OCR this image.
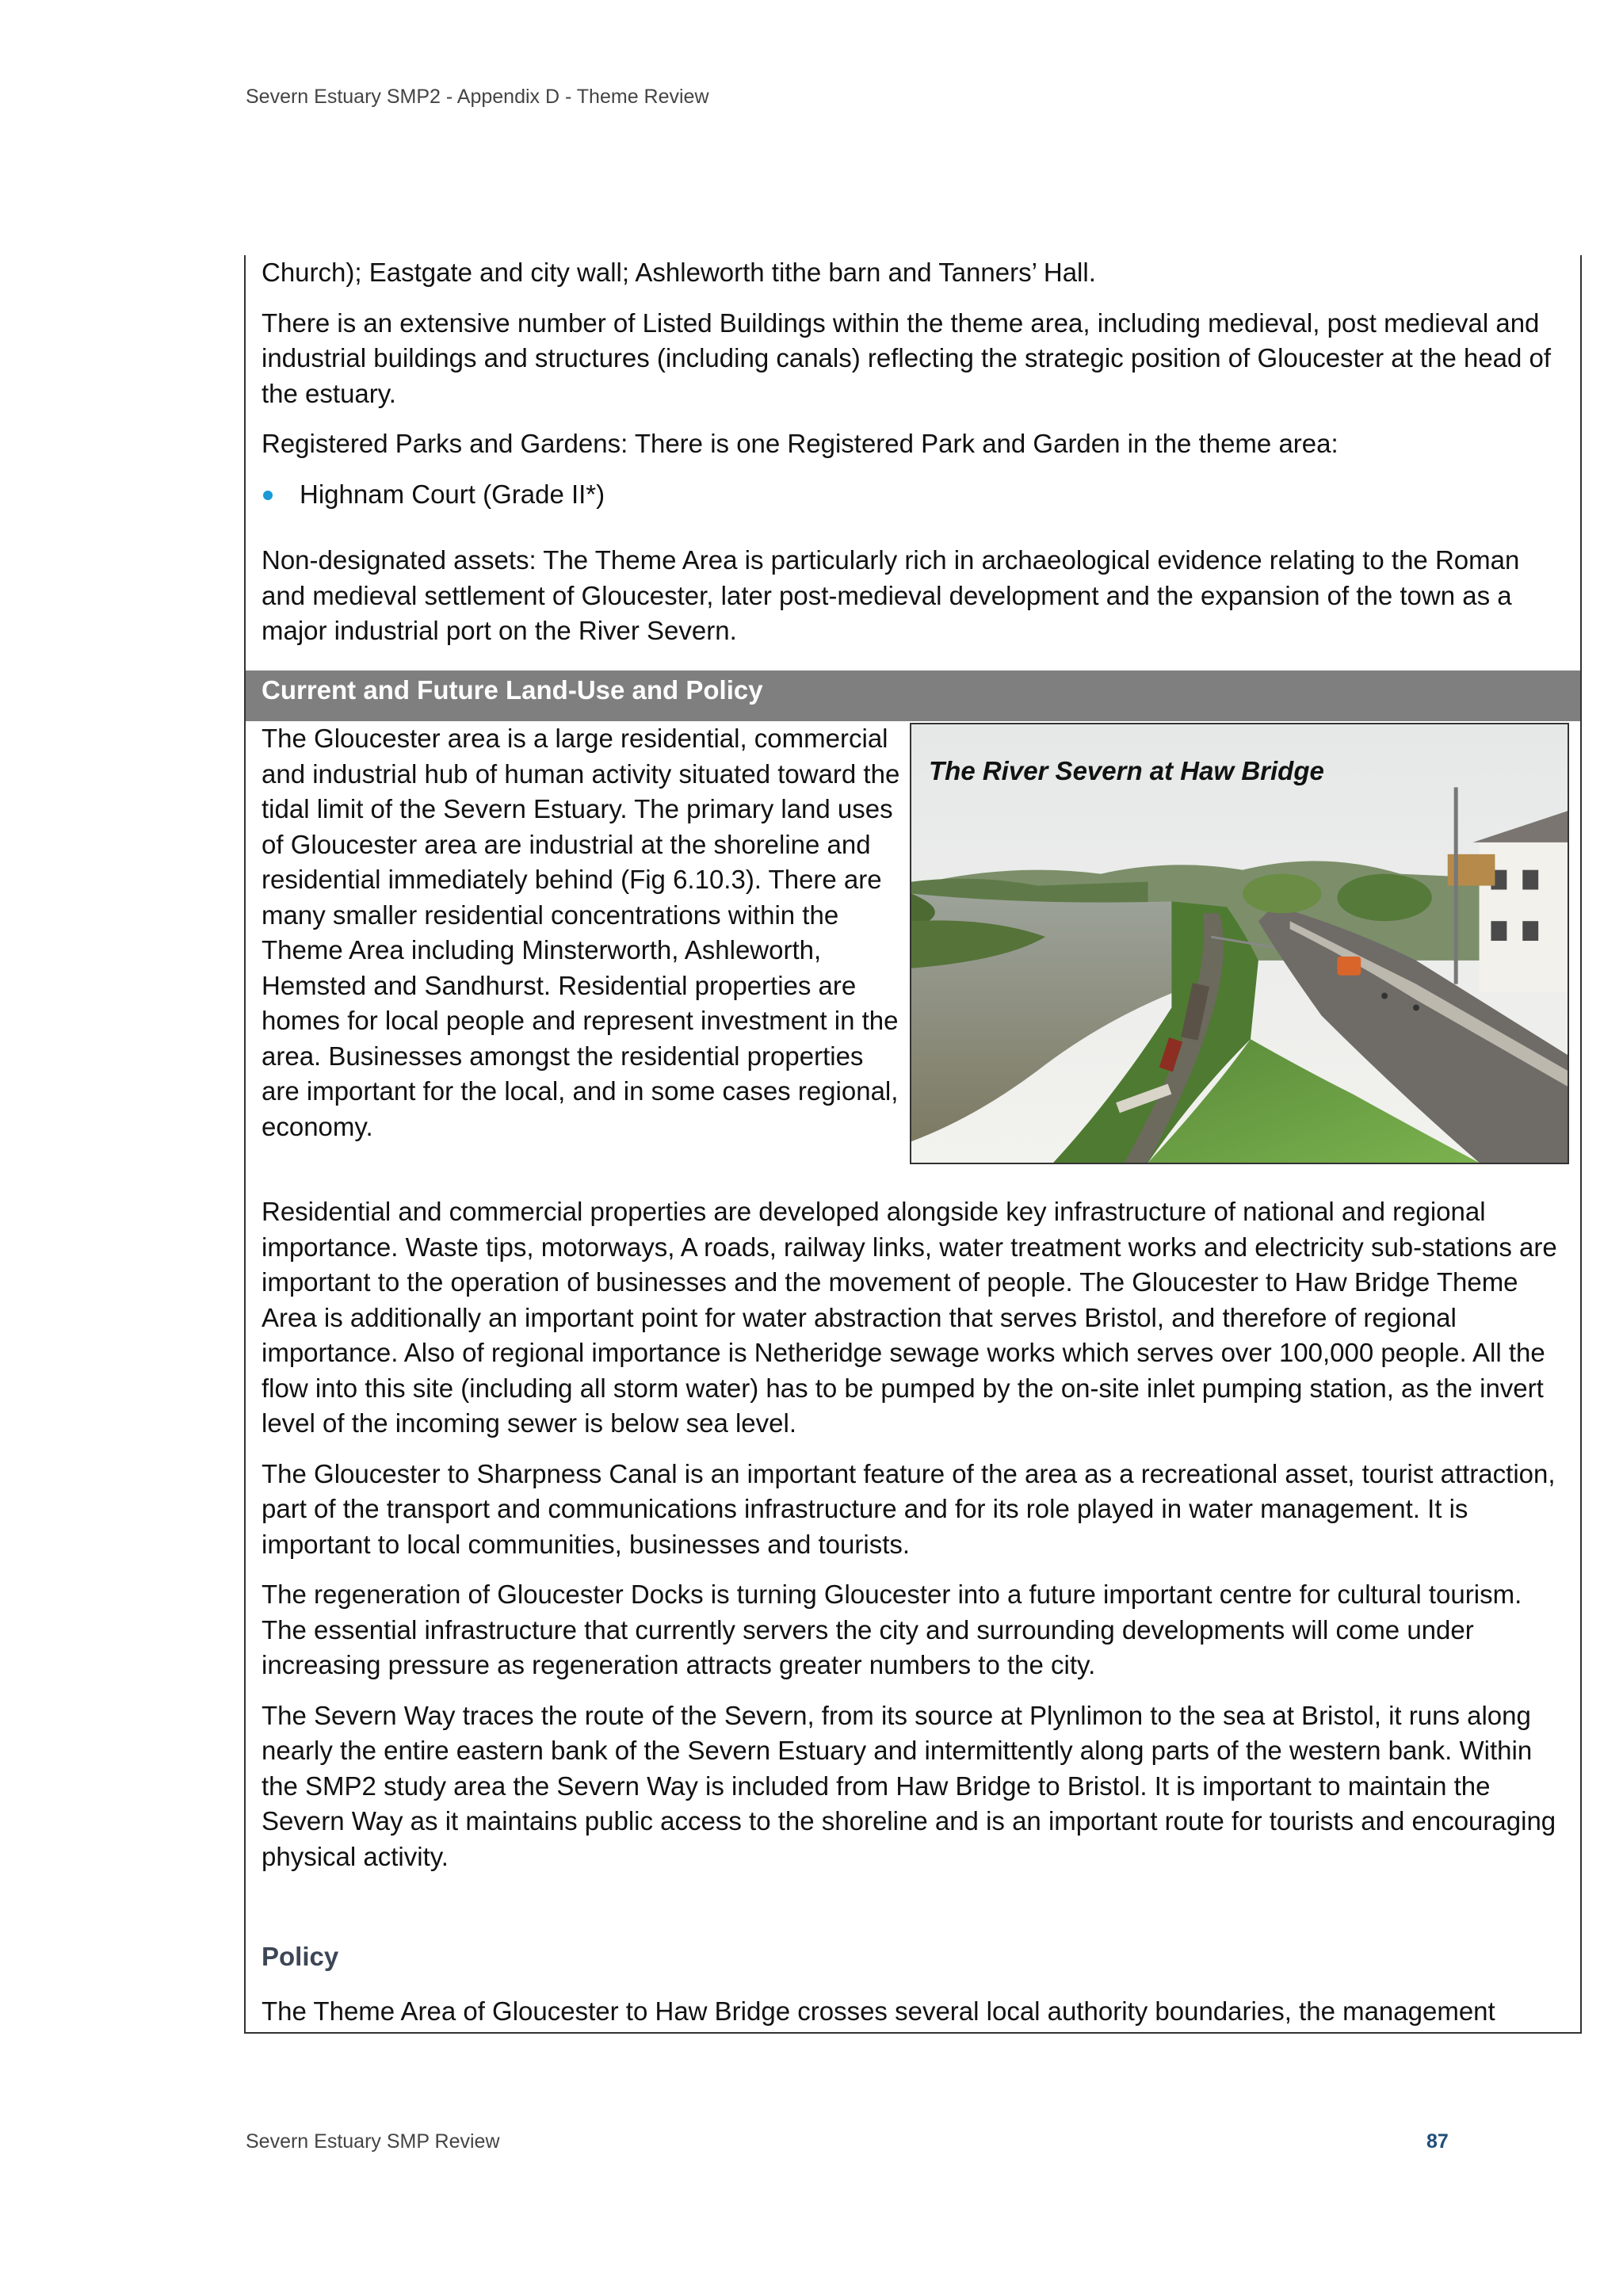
Severn Estuary SMP2 - Appendix D - Theme Review

Church); Eastgate and city wall; Ashleworth tithe barn and Tanners’ Hall.

There is an extensive number of Listed Buildings within the theme area, including medieval, post medieval and industrial buildings and structures (including canals) reflecting the strategic position of Gloucester at the head of the estuary.

Registered Parks and Gardens: There is one Registered Park and Garden in the theme area:

Highnam Court (Grade II*)

Non-designated assets: The Theme Area is particularly rich in archaeological evidence relating to the Roman and medieval settlement of Gloucester, later post-medieval development and the expansion of the town as a major industrial port on the River Severn.

Current and Future Land-Use and Policy

The Gloucester area is a large residential, commercial and industrial hub of human activity situated toward the tidal limit of the Severn Estuary. The primary land uses of Gloucester area are industrial at the shoreline and residential immediately behind (Fig 6.10.3). There are many smaller residential concentrations within the Theme Area including Minsterworth, Ashleworth, Hemsted and Sandhurst. Residential properties are homes for local people and represent investment in the area. Businesses amongst the residential properties are important for the local, and in some cases regional, economy.

The River Severn at Haw Bridge

Residential and commercial properties are developed alongside key infrastructure of national and regional importance. Waste tips, motorways, A roads, railway links, water treatment works and electricity sub-stations are important to the operation of businesses and the movement of people. The Gloucester to Haw Bridge Theme Area is additionally an important point for water abstraction that serves Bristol, and therefore of regional importance. Also of regional importance is Netheridge sewage works which serves over 100,000 people. All the flow into this site (including all storm water) has to be pumped by the on-site inlet pumping station, as the invert level of the incoming sewer is below sea level.

The Gloucester to Sharpness Canal is an important feature of the area as a recreational asset, tourist attraction, part of the transport and communications infrastructure and for its role played in water management. It is important to local communities, businesses and tourists.

The regeneration of Gloucester Docks is turning Gloucester into a future important centre for cultural tourism. The essential infrastructure that currently servers the city and surrounding developments will come under increasing pressure as regeneration attracts greater numbers to the city.

The Severn Way traces the route of the Severn, from its source at Plynlimon to the sea at Bristol, it runs along nearly the entire eastern bank of the Severn Estuary and intermittently along parts of the western bank. Within the SMP2 study area the Severn Way is included from Haw Bridge to Bristol. It is important to maintain the Severn Way as it maintains public access to the shoreline and is an important route for tourists and encouraging physical activity.

Policy

The Theme Area of Gloucester to Haw Bridge crosses several local authority boundaries, the management

Severn Estuary SMP Review	87
